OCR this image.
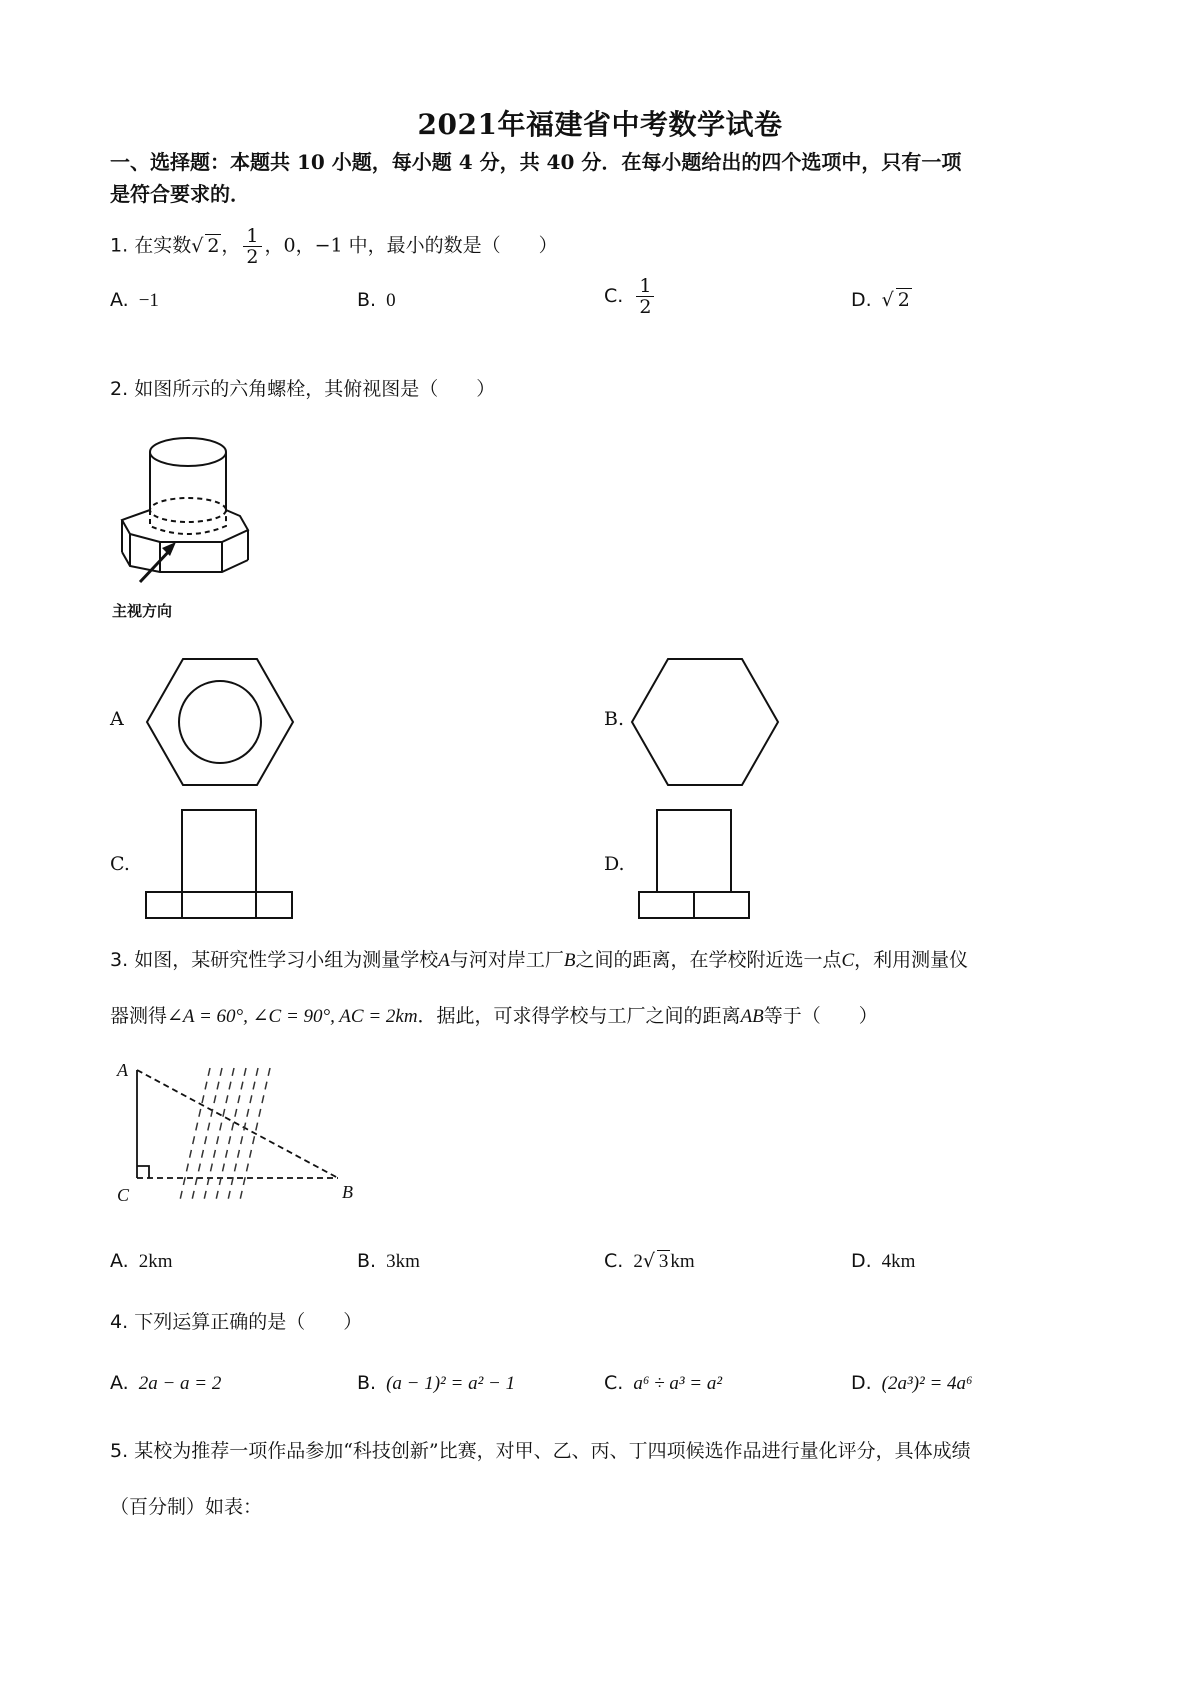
2021年福建省中考数学试卷
一、选择题：本题共 10 小题，每小题 4 分，共 40 分．在每小题给出的四个选项中，只有一项
是符合要求的．
1. 在实数√ 2 ， $\frac{1}{2}$ ，0，−1 中，最小的数是（　　）
A. −1	B. 0	C. $\frac{1}{2}$	D. √ 2
2. 如图所示的六角螺栓，其俯视图是（　　）
主视方向
A	B.
C.	D.
3. 如图，某研究性学习小组为测量学校A与河对岸工厂B之间的距离，在学校附近选一点C，利用测量仪
器测得∠A = 60°, ∠C = 90°, AC = 2km．据此，可求得学校与工厂之间的距离AB等于（　　）
A
C	B
A. 2km	B. 3km	C. 2√ 3 km	D. 4km
4. 下列运算正确的是（　　）
A. 2a − a = 2	B. (a − 1)² = a² − 1	C. a⁶ ÷ a³ = a²	D. (2a³)² = 4a⁶
5. 某校为推荐一项作品参加“科技创新”比赛，对甲、乙、丙、丁四项候选作品进行量化评分，具体成绩
（百分制）如表：
